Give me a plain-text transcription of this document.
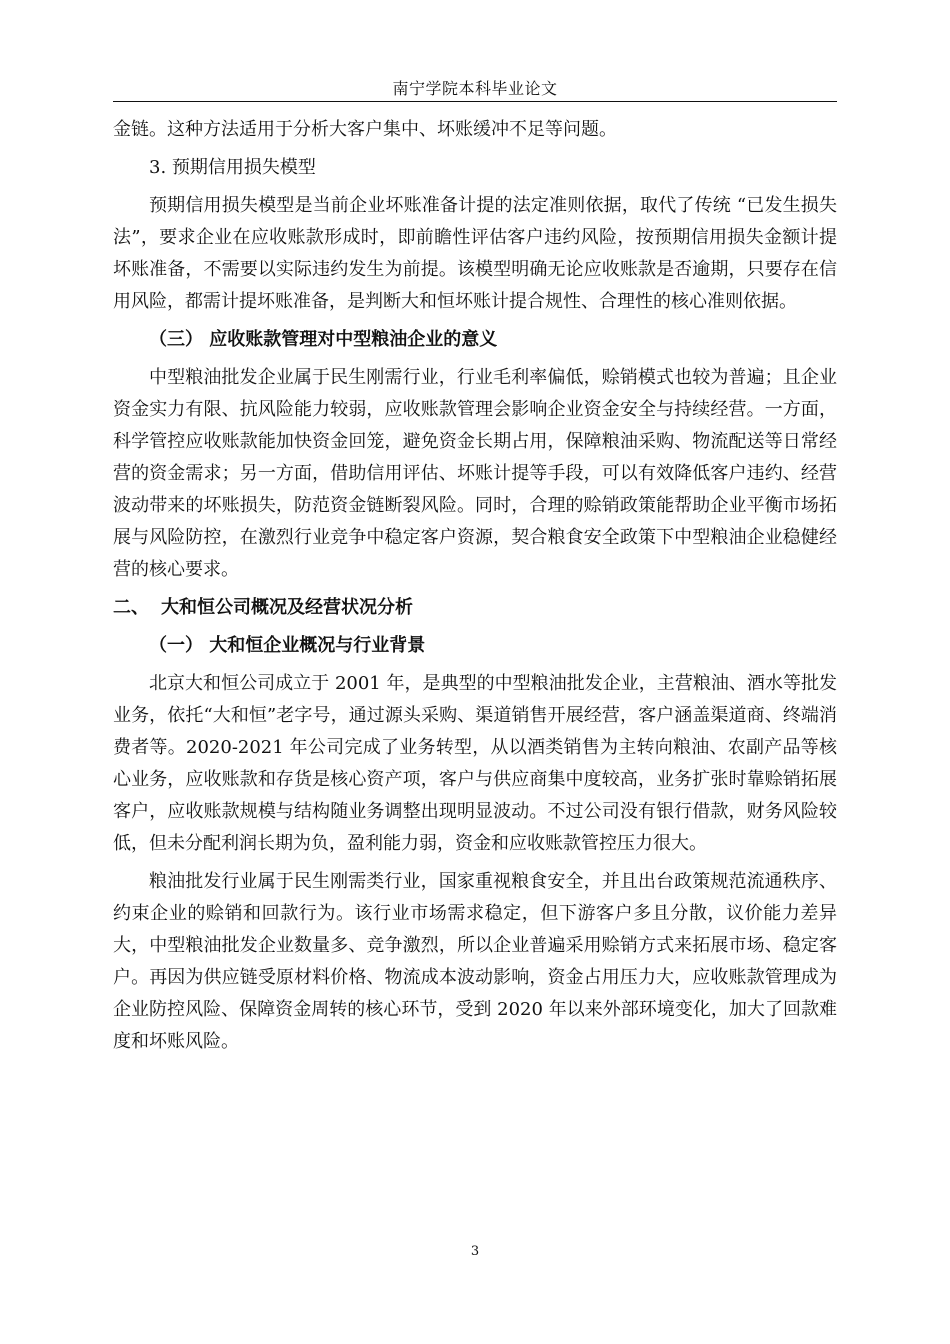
南宁学院本科毕业论文

金链。这种方法适用于分析大客户集中、坏账缓冲不足等问题。

3. 预期信用损失模型

预期信用损失模型是当前企业坏账准备计提的法定准则依据，取代了传统 “已发生损失法”，要求企业在应收账款形成时，即前瞻性评估客户违约风险，按预期信用损失金额计提坏账准备，不需要以实际违约发生为前提。该模型明确无论应收账款是否逾期，只要存在信用风险，都需计提坏账准备，是判断大和恒坏账计提合规性、合理性的核心准则依据。

（三） 应收账款管理对中型粮油企业的意义

中型粮油批发企业属于民生刚需行业，行业毛利率偏低，赊销模式也较为普遍；且企业资金实力有限、抗风险能力较弱，应收账款管理会影响企业资金安全与持续经营。一方面，科学管控应收账款能加快资金回笼，避免资金长期占用，保障粮油采购、物流配送等日常经营的资金需求；另一方面，借助信用评估、坏账计提等手段，可以有效降低客户违约、经营波动带来的坏账损失，防范资金链断裂风险。同时，合理的赊销政策能帮助企业平衡市场拓展与风险防控，在激烈行业竞争中稳定客户资源，契合粮食安全政策下中型粮油企业稳健经营的核心要求。

二、 大和恒公司概况及经营状况分析

（一） 大和恒企业概况与行业背景

北京大和恒公司成立于 2001 年，是典型的中型粮油批发企业，主营粮油、酒水等批发业务，依托“大和恒”老字号，通过源头采购、渠道销售开展经营，客户涵盖渠道商、终端消费者等。2020-2021 年公司完成了业务转型，从以酒类销售为主转向粮油、农副产品等核心业务，应收账款和存货是核心资产项，客户与供应商集中度较高，业务扩张时靠赊销拓展客户，应收账款规模与结构随业务调整出现明显波动。不过公司没有银行借款，财务风险较低，但未分配利润长期为负，盈利能力弱，资金和应收账款管控压力很大。

粮油批发行业属于民生刚需类行业，国家重视粮食安全，并且出台政策规范流通秩序、约束企业的赊销和回款行为。该行业市场需求稳定，但下游客户多且分散，议价能力差异大，中型粮油批发企业数量多、竞争激烈，所以企业普遍采用赊销方式来拓展市场、稳定客户。再因为供应链受原材料价格、物流成本波动影响，资金占用压力大，应收账款管理成为企业防控风险、保障资金周转的核心环节，受到 2020 年以来外部环境变化，加大了回款难度和坏账风险。

3
